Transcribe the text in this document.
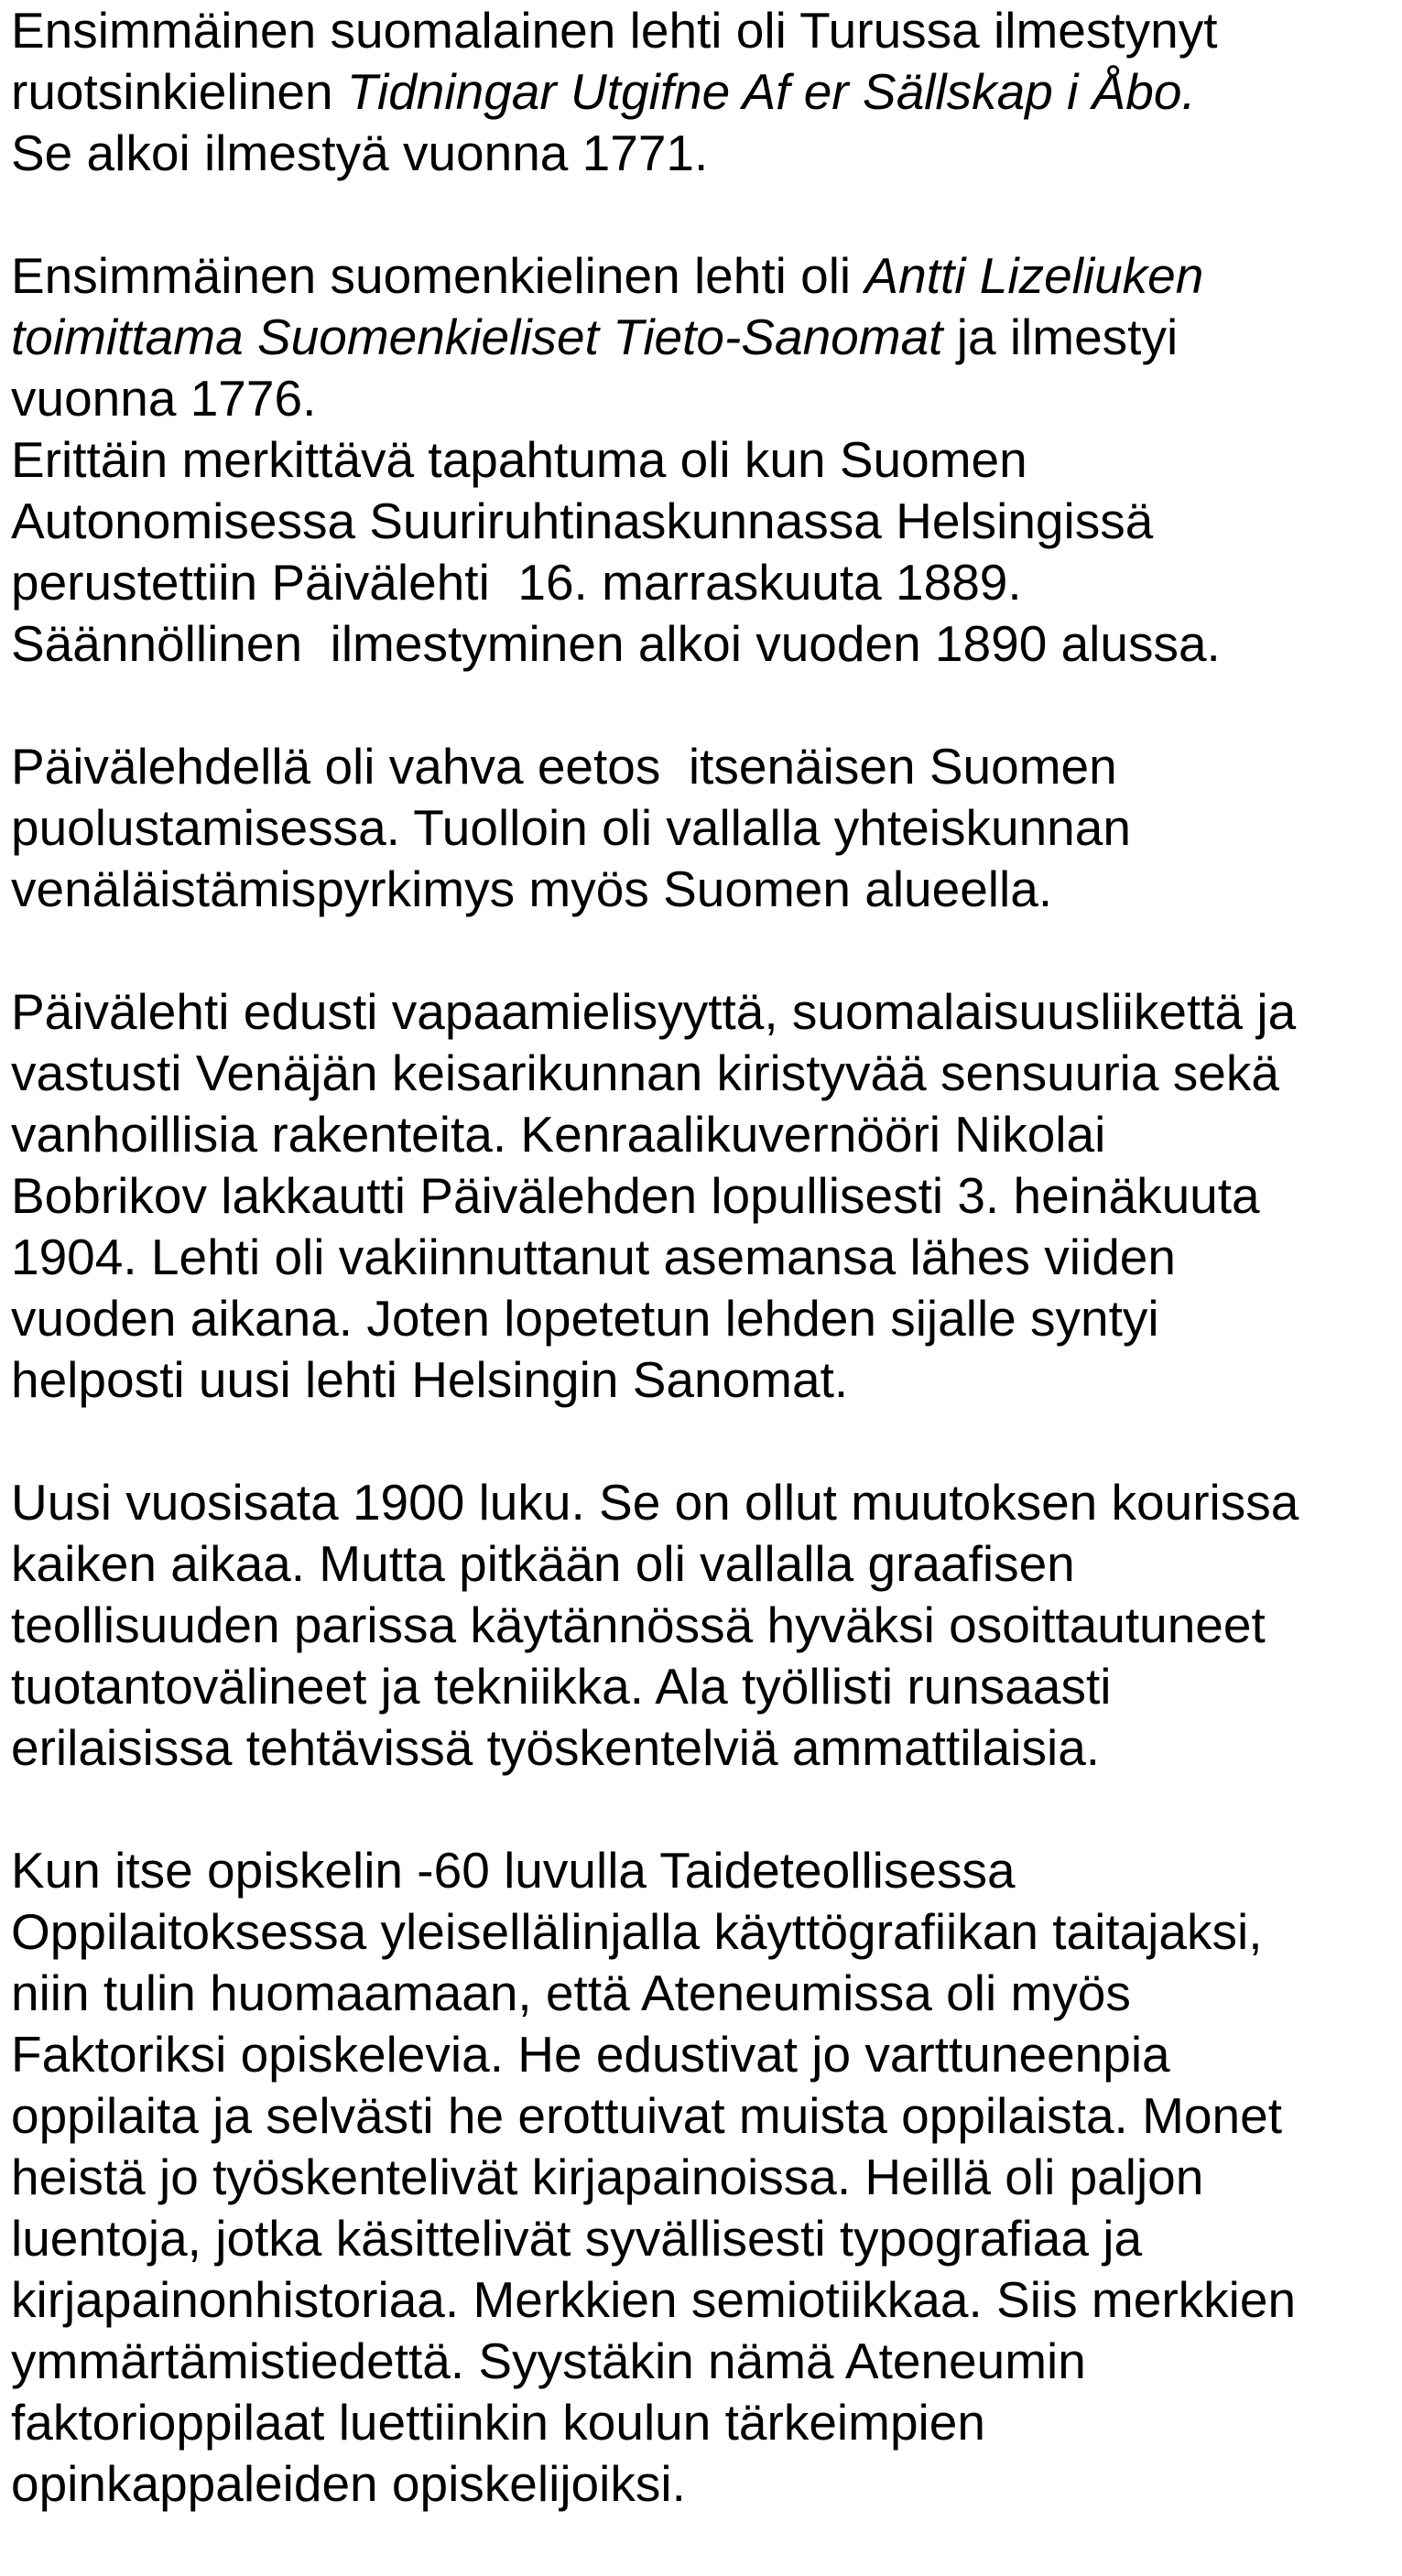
Ensimmäinen suomalainen lehti oli Turussa ilmestynyt
ruotsinkielinen Tidningar Utgifne Af er Sällskap i Åbo.
Se alkoi ilmestyä vuonna 1771.
Ensimmäinen suomenkielinen lehti oli Antti Lizeliuken
toimittama Suomenkieliset Tieto-Sanomat ja ilmestyi
vuonna 1776.
Erittäin merkittävä tapahtuma oli kun Suomen
Autonomisessa Suuriruhtinaskunnassa Helsingissä
perustettiin Päivälehti  16. marraskuuta 1889.
Säännöllinen  ilmestyminen alkoi vuoden 1890 alussa.
Päivälehdellä oli vahva eetos  itsenäisen Suomen
puolustamisessa. Tuolloin oli vallalla yhteiskunnan
venäläistämispyrkimys myös Suomen alueella.
Päivälehti edusti vapaamielisyyttä, suomalaisuusliikettä ja
vastusti Venäjän keisarikunnan kiristyvää sensuuria sekä
vanhoillisia rakenteita. Kenraalikuvernööri Nikolai
Bobrikov lakkautti Päivälehden lopullisesti 3. heinäkuuta
1904. Lehti oli vakiinnuttanut asemansa lähes viiden
vuoden aikana. Joten lopetetun lehden sijalle syntyi
helposti uusi lehti Helsingin Sanomat.
Uusi vuosisata 1900 luku. Se on ollut muutoksen kourissa
kaiken aikaa. Mutta pitkään oli vallalla graafisen
teollisuuden parissa käytännössä hyväksi osoittautuneet
tuotantovälineet ja tekniikka. Ala työllisti runsaasti
erilaisissa tehtävissä työskentelviä ammattilaisia.
Kun itse opiskelin -60 luvulla Taideteollisessa
Oppilaitoksessa yleisellälinjalla käyttögrafiikan taitajaksi,
niin tulin huomaamaan, että Ateneumissa oli myös
Faktoriksi opiskelevia. He edustivat jo varttuneenpia
oppilaita ja selvästi he erottuivat muista oppilaista. Monet
heistä jo työskentelivät kirjapainoissa. Heillä oli paljon
luentoja, jotka käsittelivät syvällisesti typografiaa ja
kirjapainonhistoriaa. Merkkien semiotiikkaa. Siis merkkien
ymmärtämistiedettä. Syystäkin nämä Ateneumin
faktorioppilaat luettiinkin koulun tärkeimpien
opinkappaleiden opiskelijoiksi.
